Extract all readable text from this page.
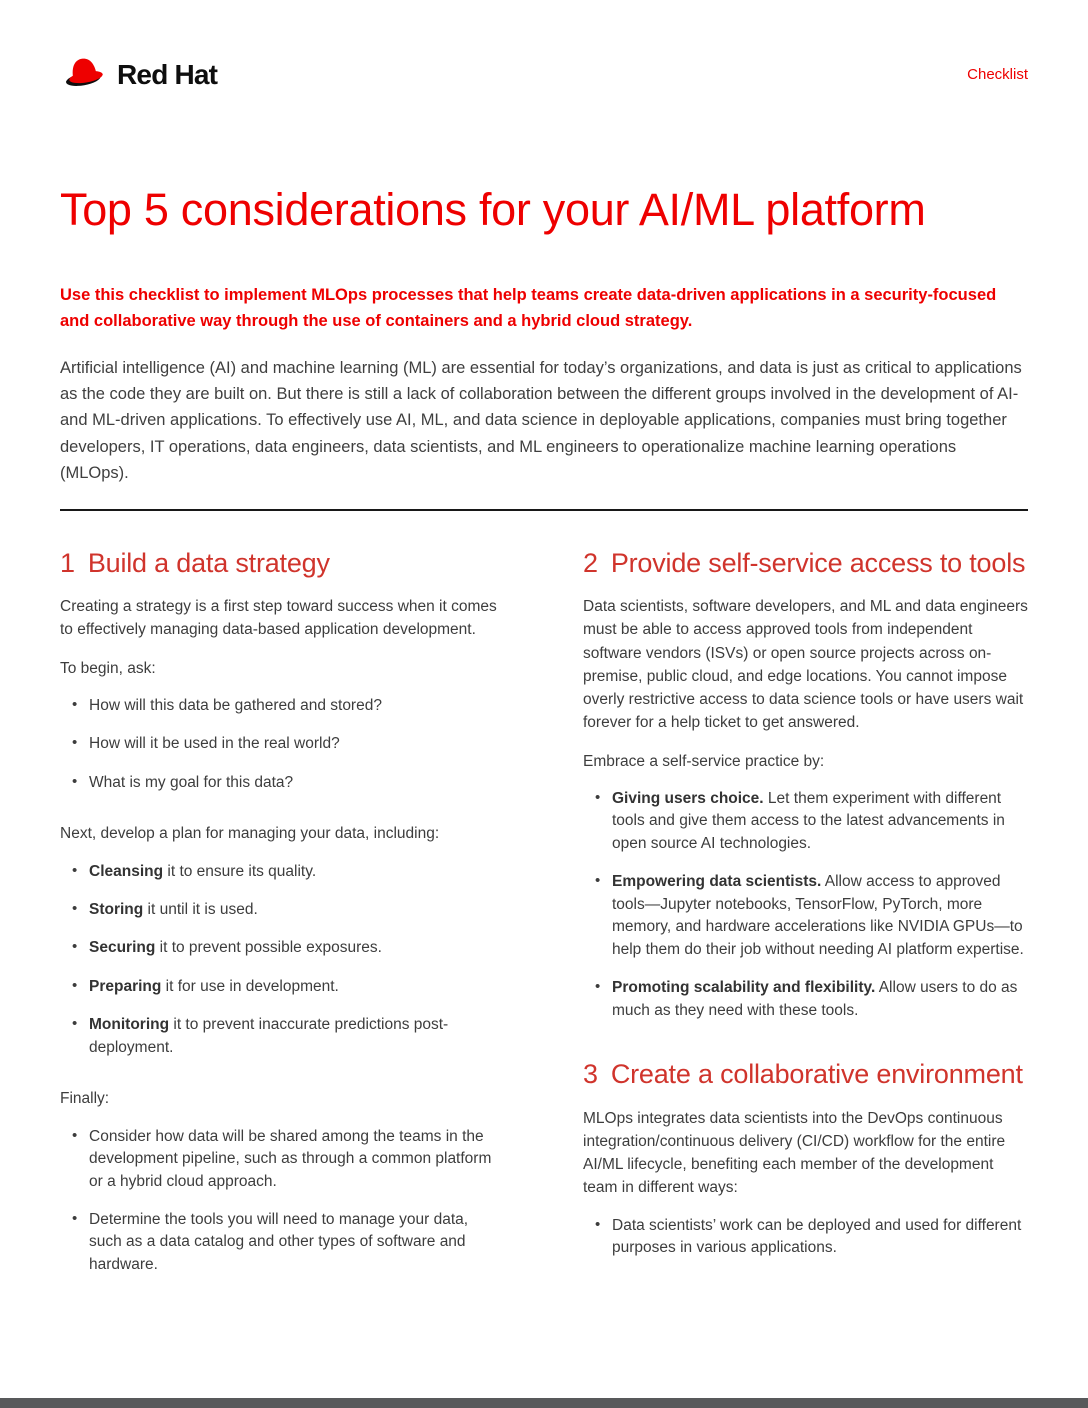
Red Hat	Checklist
Top 5 considerations for your AI/ML platform

Use this checklist to implement MLOps processes that help teams create data-driven applications in a security-focused and collaborative way through the use of containers and a hybrid cloud strategy.

Artificial intelligence (AI) and machine learning (ML) are essential for today’s organizations, and data is just as critical to applications as the code they are built on. But there is still a lack of collaboration between the different groups involved in the development of AI- and ML-driven applications. To effectively use AI, ML, and data science in deployable applications, companies must bring together developers, IT operations, data engineers, data scientists, and ML engineers to operationalize machine learning operations (MLOps).

1 Build a data strategy

Creating a strategy is a first step toward success when it comes to effectively managing data-based application development.

To begin, ask:

• How will this data be gathered and stored?
• How will it be used in the real world?
• What is my goal for this data?

Next, develop a plan for managing your data, including:

• Cleansing it to ensure its quality.
• Storing it until it is used.
• Securing it to prevent possible exposures.
• Preparing it for use in development.
• Monitoring it to prevent inaccurate predictions post-deployment.

Finally:

• Consider how data will be shared among the teams in the development pipeline, such as through a common platform or a hybrid cloud approach.
• Determine the tools you will need to manage your data, such as a data catalog and other types of software and hardware.
2 Provide self-service access to tools

Data scientists, software developers, and ML and data engineers must be able to access approved tools from independent software vendors (ISVs) or open source projects across on-premise, public cloud, and edge locations. You cannot impose overly restrictive access to data science tools or have users wait forever for a help ticket to get answered.

Embrace a self-service practice by:

• Giving users choice. Let them experiment with different tools and give them access to the latest advancements in open source AI technologies.
• Empowering data scientists. Allow access to approved tools—Jupyter notebooks, TensorFlow, PyTorch, more memory, and hardware accelerations like NVIDIA GPUs—to help them do their job without needing AI platform expertise.
• Promoting scalability and flexibility. Allow users to do as much as they need with these tools.
3 Create a collaborative environment

MLOps integrates data scientists into the DevOps continuous integration/continuous delivery (CI/CD) workflow for the entire AI/ML lifecycle, benefiting each member of the development team in different ways:

• Data scientists’ work can be deployed and used for different purposes in various applications.
